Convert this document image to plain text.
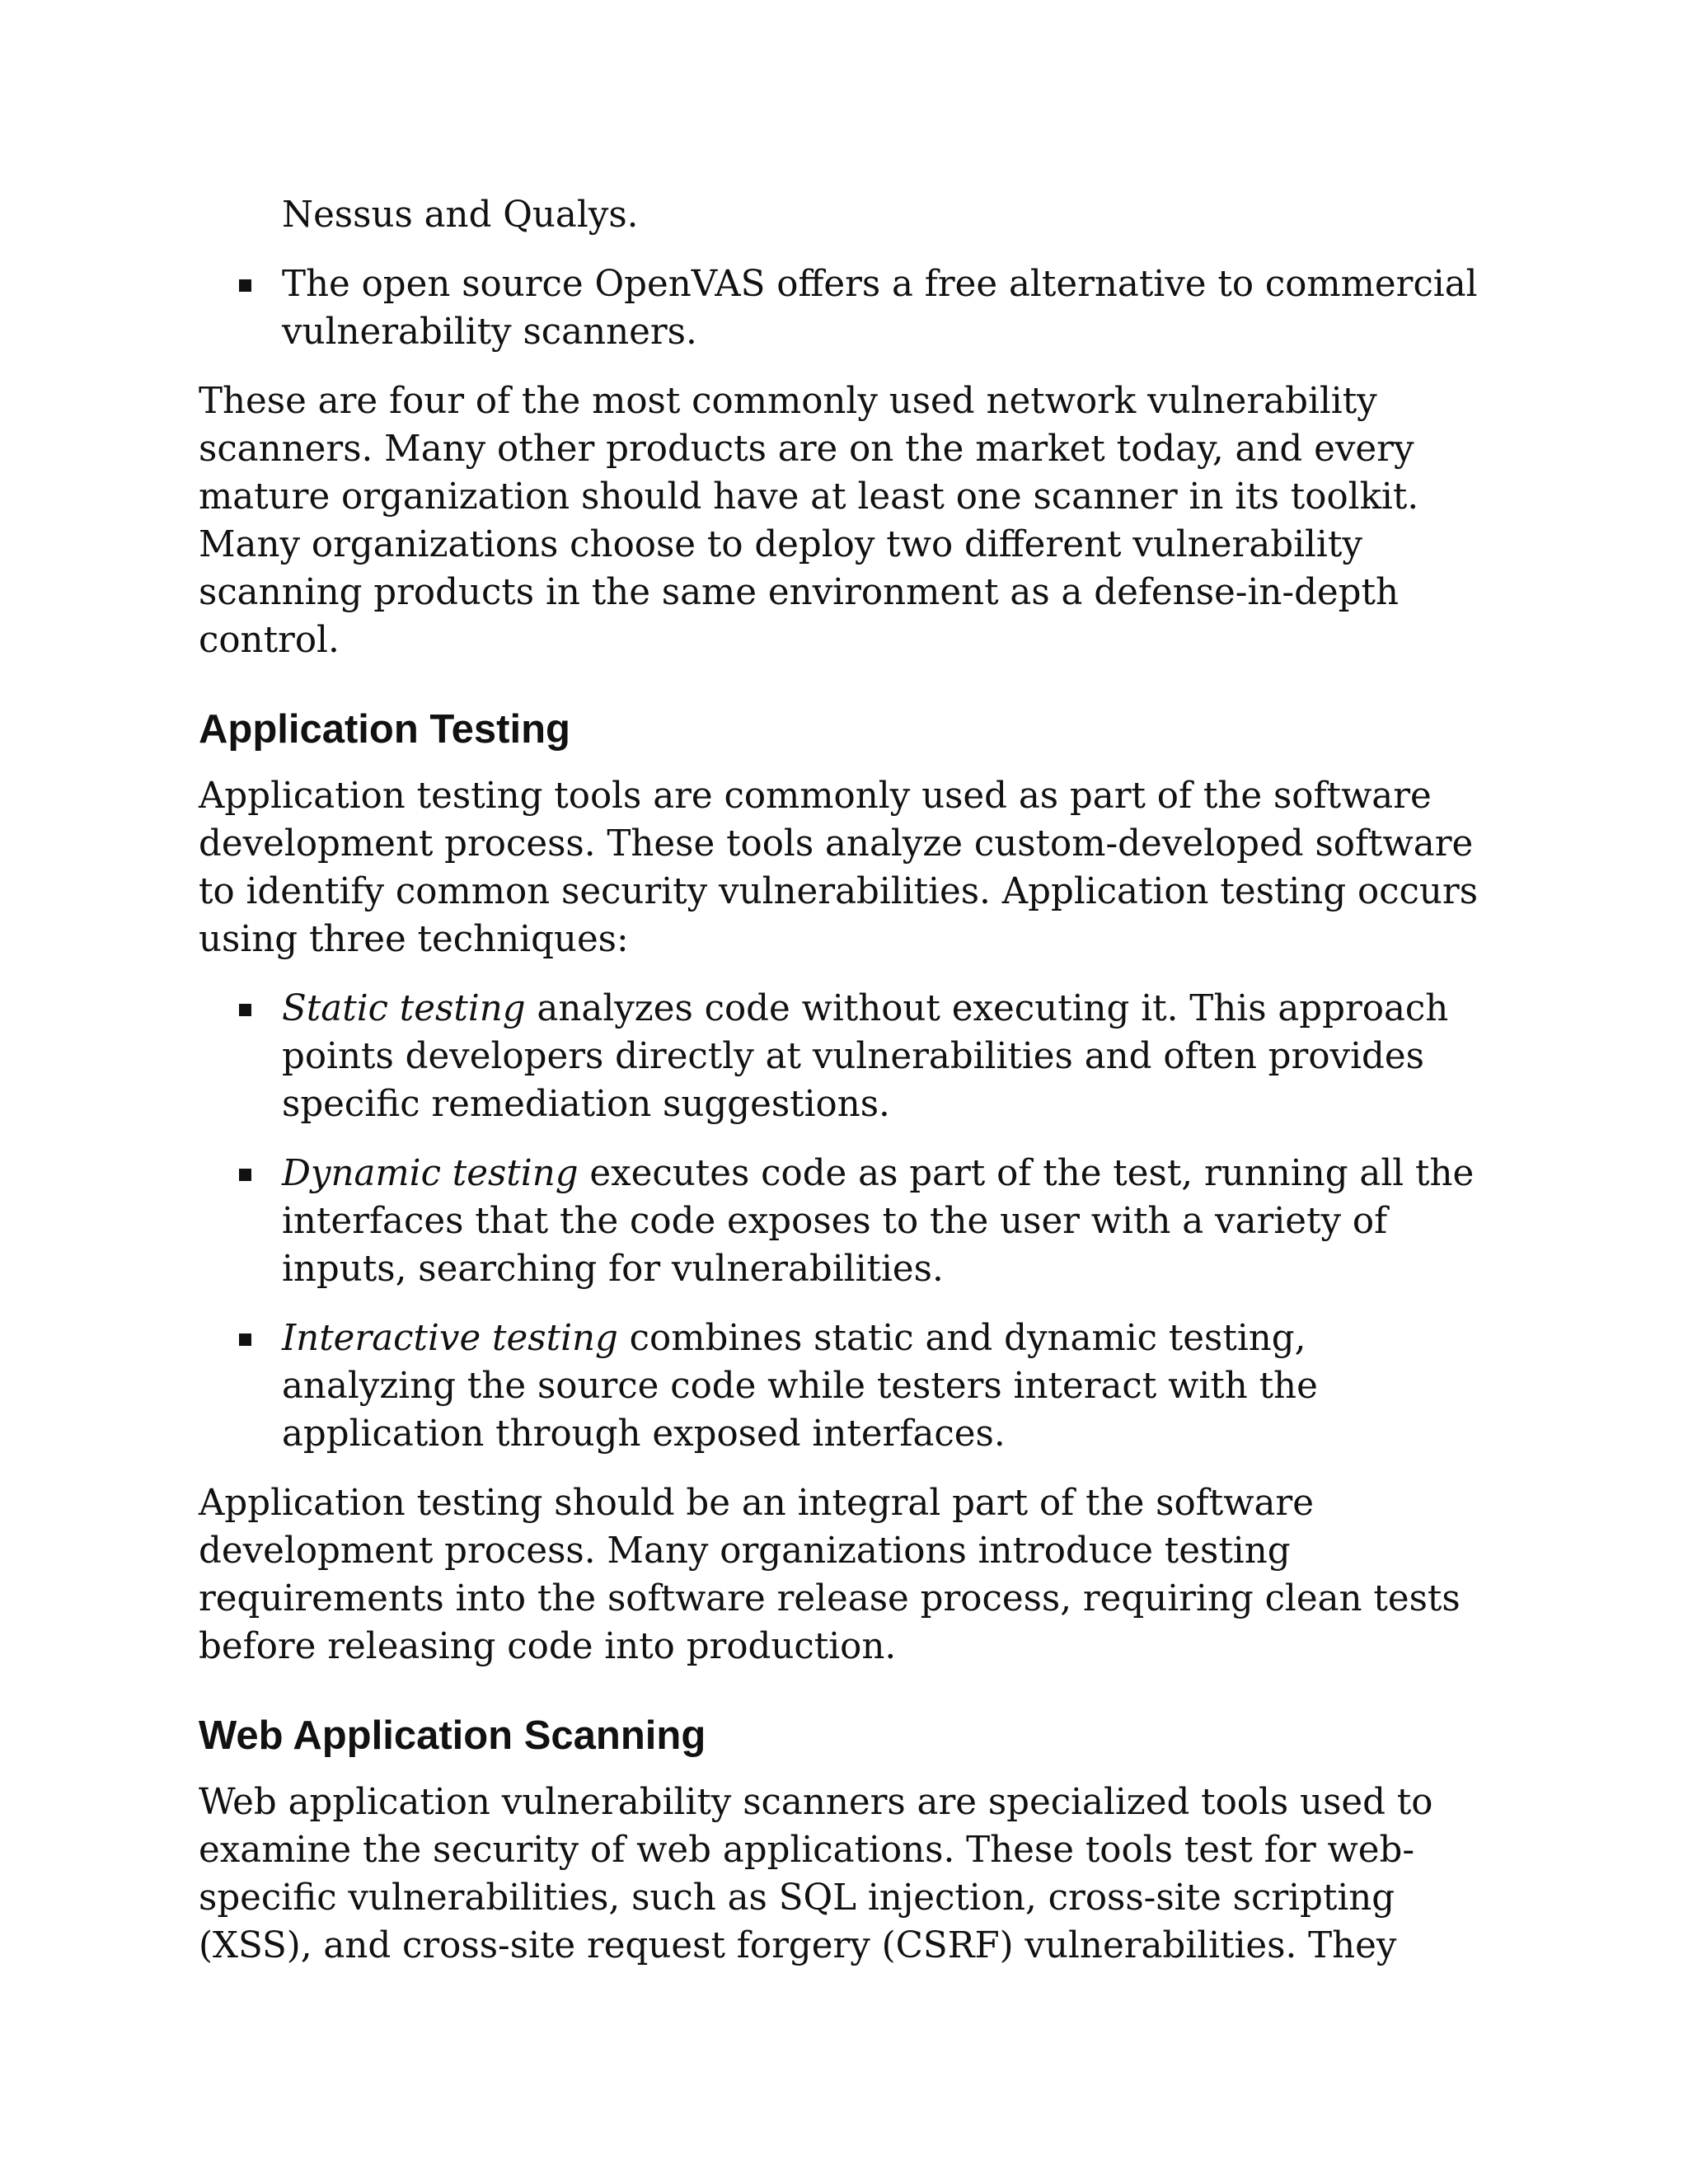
Nessus and Qualys.

The open source OpenVAS offers a free alternative to commercial vulnerability scanners.

These are four of the most commonly used network vulnerability scanners. Many other products are on the market today, and every mature organization should have at least one scanner in its toolkit. Many organizations choose to deploy two different vulnerability scanning products in the same environment as a defense-in-depth control.

Application Testing

Application testing tools are commonly used as part of the software development process. These tools analyze custom-developed software to identify common security vulnerabilities. Application testing occurs using three techniques:

Static testing analyzes code without executing it. This approach points developers directly at vulnerabilities and often provides specific remediation suggestions.
Dynamic testing executes code as part of the test, running all the interfaces that the code exposes to the user with a variety of inputs, searching for vulnerabilities.
Interactive testing combines static and dynamic testing, analyzing the source code while testers interact with the application through exposed interfaces.

Application testing should be an integral part of the software development process. Many organizations introduce testing requirements into the software release process, requiring clean tests before releasing code into production.

Web Application Scanning

Web application vulnerability scanners are specialized tools used to examine the security of web applications. These tools test for web-specific vulnerabilities, such as SQL injection, cross-site scripting (XSS), and cross-site request forgery (CSRF) vulnerabilities. They
